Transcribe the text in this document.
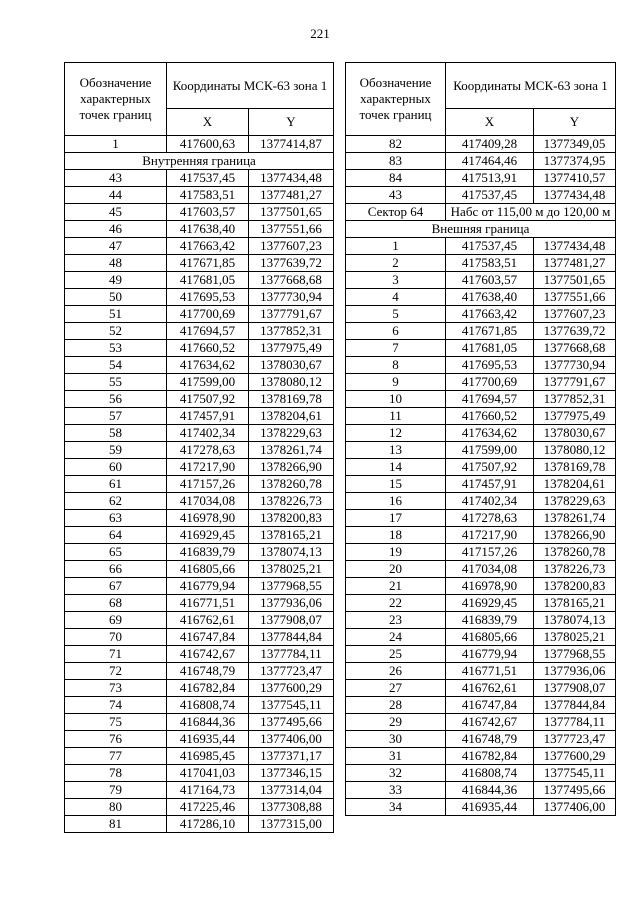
221
Обозначение характерных точек границ	Координаты МСК-63 зона 1	
	X	Y
1	417600,63	1377414,87
Внутренняя граница		
43	417537,45	1377434,48
44	417583,51	1377481,27
45	417603,57	1377501,65
46	417638,40	1377551,66
47	417663,42	1377607,23
48	417671,85	1377639,72
49	417681,05	1377668,68
50	417695,53	1377730,94
51	417700,69	1377791,67
52	417694,57	1377852,31
53	417660,52	1377975,49
54	417634,62	1378030,67
55	417599,00	1378080,12
56	417507,92	1378169,78
57	417457,91	1378204,61
58	417402,34	1378229,63
59	417278,63	1378261,74
60	417217,90	1378266,90
61	417157,26	1378260,78
62	417034,08	1378226,73
63	416978,90	1378200,83
64	416929,45	1378165,21
65	416839,79	1378074,13
66	416805,66	1378025,21
67	416779,94	1377968,55
68	416771,51	1377936,06
69	416762,61	1377908,07
70	416747,84	1377844,84
71	416742,67	1377784,11
72	416748,79	1377723,47
73	416782,84	1377600,29
74	416808,74	1377545,11
75	416844,36	1377495,66
76	416935,44	1377406,00
77	416985,45	1377371,17
78	417041,03	1377346,15
79	417164,73	1377314,04
80	417225,46	1377308,88
81	417286,10	1377315,00
Обозначение характерных точек границ	Координаты МСК-63 зона 1	
	X	Y
82	417409,28	1377349,05
83	417464,46	1377374,95
84	417513,91	1377410,57
43	417537,45	1377434,48
Сектор 64	Набс от 115,00 м до 120,00 м	
Внешняя граница		
1	417537,45	1377434,48
2	417583,51	1377481,27
3	417603,57	1377501,65
4	417638,40	1377551,66
5	417663,42	1377607,23
6	417671,85	1377639,72
7	417681,05	1377668,68
8	417695,53	1377730,94
9	417700,69	1377791,67
10	417694,57	1377852,31
11	417660,52	1377975,49
12	417634,62	1378030,67
13	417599,00	1378080,12
14	417507,92	1378169,78
15	417457,91	1378204,61
16	417402,34	1378229,63
17	417278,63	1378261,74
18	417217,90	1378266,90
19	417157,26	1378260,78
20	417034,08	1378226,73
21	416978,90	1378200,83
22	416929,45	1378165,21
23	416839,79	1378074,13
24	416805,66	1378025,21
25	416779,94	1377968,55
26	416771,51	1377936,06
27	416762,61	1377908,07
28	416747,84	1377844,84
29	416742,67	1377784,11
30	416748,79	1377723,47
31	416782,84	1377600,29
32	416808,74	1377545,11
33	416844,36	1377495,66
34	416935,44	1377406,00
